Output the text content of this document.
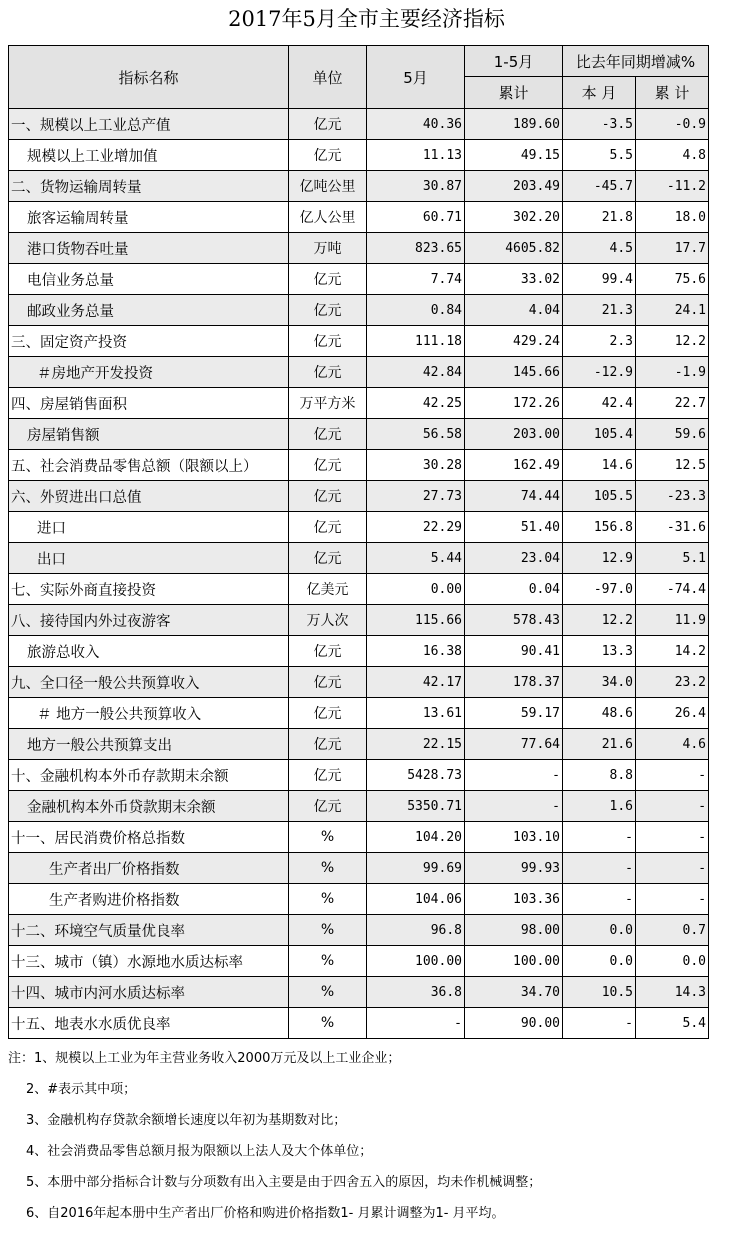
2017年5月全市主要经济指标
指标名称	单位	5月	1-5月	比去年同期增减%	
			累计	本 月	累 计
一、规模以上工业总产值	亿元	40.36	189.60	-3.5	-0.9
规模以上工业增加值	亿元	11.13	49.15	5.5	4.8
二、货物运输周转量	亿吨公里	30.87	203.49	-45.7	-11.2
旅客运输周转量	亿人公里	60.71	302.20	21.8	18.0
港口货物吞吐量	万吨	823.65	4605.82	4.5	17.7
电信业务总量	亿元	7.74	33.02	99.4	75.6
邮政业务总量	亿元	0.84	4.04	21.3	24.1
三、固定资产投资	亿元	111.18	429.24	2.3	12.2
＃房地产开发投资	亿元	42.84	145.66	-12.9	-1.9
四、房屋销售面积	万平方米	42.25	172.26	42.4	22.7
房屋销售额	亿元	56.58	203.00	105.4	59.6
五、社会消费品零售总额（限额以上）	亿元	30.28	162.49	14.6	12.5
六、外贸进出口总值	亿元	27.73	74.44	105.5	-23.3
进口	亿元	22.29	51.40	156.8	-31.6
出口	亿元	5.44	23.04	12.9	5.1
七、实际外商直接投资	亿美元	0.00	0.04	-97.0	-74.4
八、接待国内外过夜游客	万人次	115.66	578.43	12.2	11.9
旅游总收入	亿元	16.38	90.41	13.3	14.2
九、全口径一般公共预算收入	亿元	42.17	178.37	34.0	23.2
＃ 地方一般公共预算收入	亿元	13.61	59.17	48.6	26.4
地方一般公共预算支出	亿元	22.15	77.64	21.6	4.6
十、金融机构本外币存款期末余额	亿元	5428.73	-	8.8	-
金融机构本外币贷款期末余额	亿元	5350.71	-	1.6	-
十一、居民消费价格总指数	%	104.20	103.10	-	-
生产者出厂价格指数	%	99.69	99.93	-	-
生产者购进价格指数	%	104.06	103.36	-	-
十二、环境空气质量优良率	%	96.8	98.00	0.0	0.7
十三、城市（镇）水源地水质达标率	%	100.00	100.00	0.0	0.0
十四、城市内河水质达标率	%	36.8	34.70	10.5	14.3
十五、地表水水质优良率	%	-	90.00	-	5.4
注：1、规模以上工业为年主营业务收入2000万元及以上工业企业；
2、#表示其中项；
3、金融机构存贷款余额增长速度以年初为基期数对比；
4、社会消费品零售总额月报为限额以上法人及大个体单位；
5、本册中部分指标合计数与分项数有出入主要是由于四舍五入的原因，均未作机械调整；
6、自2016年起本册中生产者出厂价格和购进价格指数1- 月累计调整为1- 月平均。
